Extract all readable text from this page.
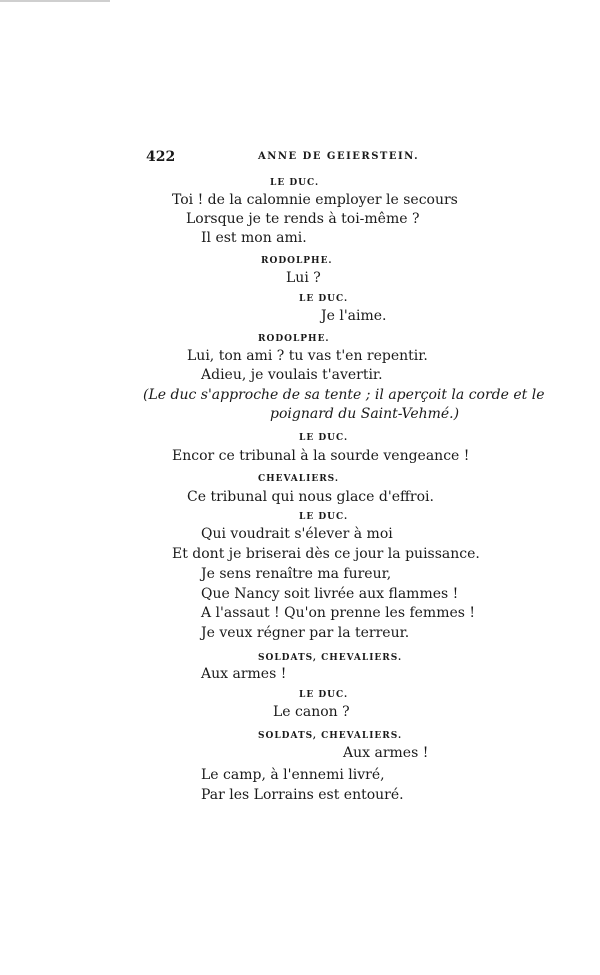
422	ANNE DE GEIERSTEIN.
LE DUC.
Toi ! de la calomnie employer le secours
Lorsque je te rends à toi-même ?
Il est mon ami.
RODOLPHE.
Lui ?
LE DUC.
Je l'aime.
RODOLPHE.
Lui, ton ami ? tu vas t'en repentir.
Adieu, je voulais t'avertir.
(Le duc s'approche de sa tente ; il aperçoit la corde et le
poignard du Saint-Vehmé.)
LE DUC.
Encor ce tribunal à la sourde vengeance !
CHEVALIERS.
Ce tribunal qui nous glace d'effroi.
LE DUC.
Qui voudrait s'élever à moi
Et dont je briserai dès ce jour la puissance.
Je sens renaître ma fureur,
Que Nancy soit livrée aux flammes !
A l'assaut ! Qu'on prenne les femmes !
Je veux régner par la terreur.
SOLDATS, CHEVALIERS.
Aux armes !
LE DUC.
Le canon ?
SOLDATS, CHEVALIERS.
Aux armes !
Le camp, à l'ennemi livré,
Par les Lorrains est entouré.
